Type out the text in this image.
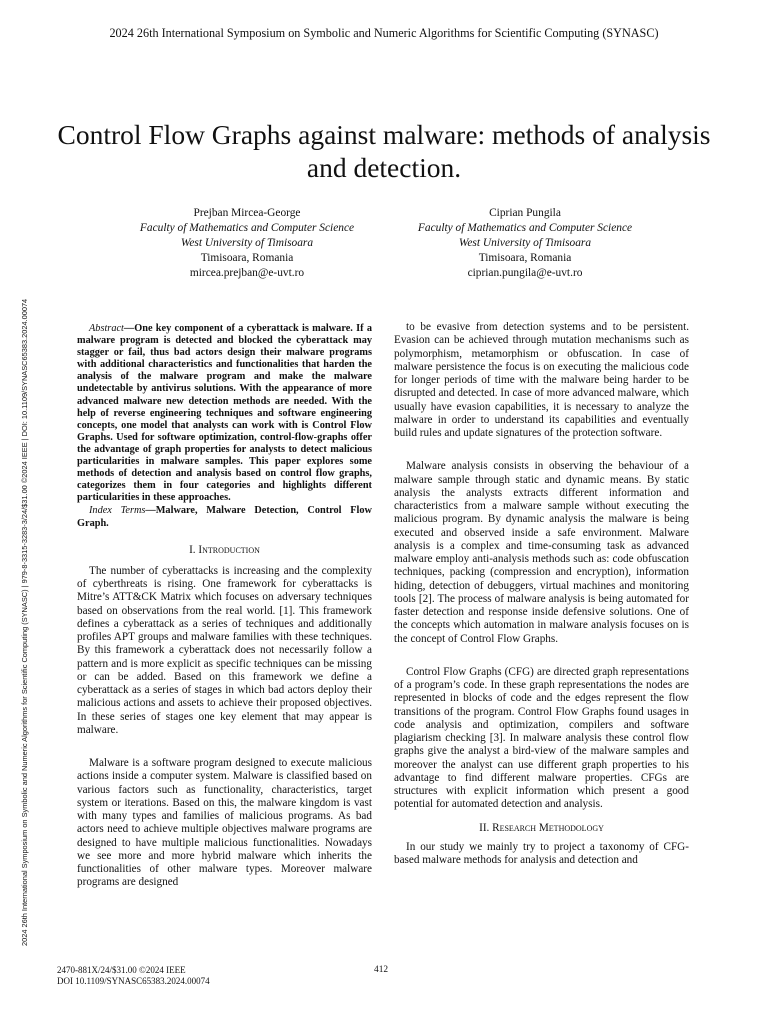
2024 26th International Symposium on Symbolic and Numeric Algorithms for Scientific Computing (SYNASC)
2024 26th International Symposium on Symbolic and Numeric Algorithms for Scientific Computing (SYNASC) | 979-8-3315-3283-3/24/$31.00 ©2024 IEEE | DOI: 10.1109/SYNASC65383.2024.00074
Control Flow Graphs against malware: methods of analysis and detection.
Prejban Mircea-George
Faculty of Mathematics and Computer Science
West University of Timisoara
Timisoara, Romania
mircea.prejban@e-uvt.ro
Ciprian Pungila
Faculty of Mathematics and Computer Science
West University of Timisoara
Timisoara, Romania
ciprian.pungila@e-uvt.ro

Abstract—One key component of a cyberattack is malware. If a malware program is detected and blocked the cyberattack may stagger or fail, thus bad actors design their malware programs with additional characteristics and functionalities that harden the analysis of the malware program and make the malware undetectable by antivirus solutions. With the appearance of more advanced malware new detection methods are needed. With the help of reverse engineering techniques and software engineering concepts, one model that analysts can work with is Control Flow Graphs. Used for software optimization, control-flow-graphs offer the advantage of graph properties for analysts to detect malicious particularities in malware samples. This paper explores some methods of detection and analysis based on control flow graphs, categorizes them in four categories and highlights different particularities in these approaches.

Index Terms—Malware, Malware Detection, Control Flow Graph.

I. Introduction

The number of cyberattacks is increasing and the complexity of cyberthreats is rising. One framework for cyberattacks is Mitre’s ATT&CK Matrix which focuses on adversary techniques based on observations from the real world. [1]. This framework defines a cyberattack as a series of techniques and additionally profiles APT groups and malware families with these techniques. By this framework a cyberattack does not necessarily follow a pattern and is more explicit as specific techniques can be missing or can be added. Based on this framework we define a cyberattack as a series of stages in which bad actors deploy their malicious actions and assets to achieve their proposed objectives. In these series of stages one key element that may appear is malware.

Malware is a software program designed to execute malicious actions inside a computer system. Malware is classified based on various factors such as functionality, characteristics, target system or iterations. Based on this, the malware kingdom is vast with many types and families of malicious programs. As bad actors need to achieve multiple objectives malware programs are designed to have multiple malicious functionalities. Nowadays we see more and more hybrid malware which inherits the functionalities of other malware types. Moreover malware programs are designed

to be evasive from detection systems and to be persistent. Evasion can be achieved through mutation mechanisms such as polymorphism, metamorphism or obfuscation. In case of malware persistence the focus is on executing the malicious code for longer periods of time with the malware being harder to be disrupted and detected. In case of more advanced malware, which usually have evasion capabilities, it is necessary to analyze the malware in order to understand its capabilities and eventually build rules and update signatures of the protection software.

Malware analysis consists in observing the behaviour of a malware sample through static and dynamic means. By static analysis the analysts extracts different information and characteristics from a malware sample without executing the malicious program. By dynamic analysis the malware is being executed and observed inside a safe environment. Malware analysis is a complex and time-consuming task as advanced malware employ anti-analysis methods such as: code obfuscation techniques, packing (compression and encryption), information hiding, detection of debuggers, virtual machines and monitoring tools [2]. The process of malware analysis is being automated for faster detection and response inside defensive solutions. One of the concepts which automation in malware analysis focuses on is the concept of Control Flow Graphs.

Control Flow Graphs (CFG) are directed graph representations of a program’s code. In these graph representations the nodes are represented in blocks of code and the edges represent the flow transitions of the program. Control Flow Graphs found usages in code analysis and optimization, compilers and software plagiarism checking [3]. In malware analysis these control flow graphs give the analyst a bird-view of the malware samples and moreover the analyst can use different graph properties to his advantage to find different malware properties. CFGs are structures with explicit information which present a good potential for automated detection and analysis.

II. Research Methodology

In our study we mainly try to project a taxonomy of CFG-based malware methods for analysis and detection and

2470-881X/24/$31.00 ©2024 IEEE
DOI 10.1109/SYNASC65383.2024.00074
412
